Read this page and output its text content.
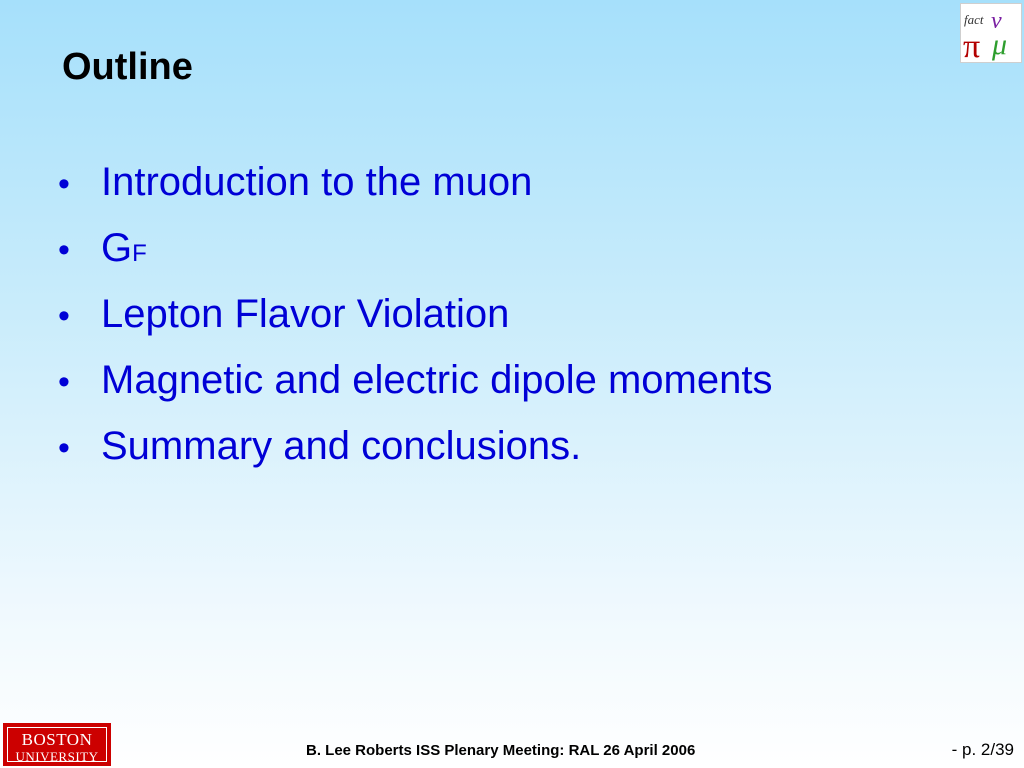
Outline
fact
π
ν
μ
• Introduction to the muon
• G F
• Lepton Flavor Violation
• Magnetic and electric dipole moments
• Summary and conclusions.
BOSTON
UNIVERSITY	B. Lee Roberts ISS Plenary Meeting: RAL 26 April 2006	- p. 2/39
